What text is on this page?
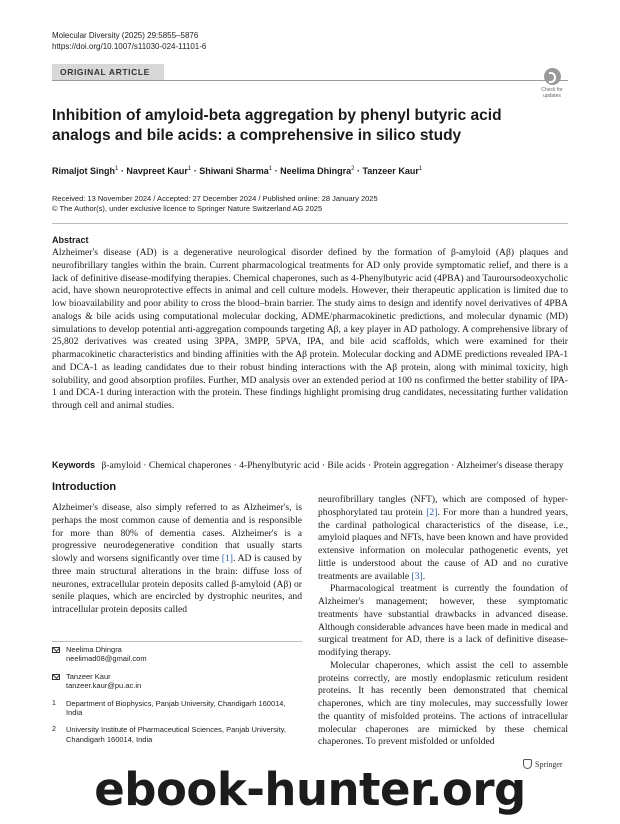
Molecular Diversity (2025) 29:5855–5876
https://doi.org/10.1007/s11030-024-11101-6
ORIGINAL ARTICLE
Check for
updates
Inhibition of amyloid-beta aggregation by phenyl butyric acid analogs and bile acids: a comprehensive in silico study
Rimaljot Singh$^1$ · Navpreet Kaur$^1$ · Shiwani Sharma$^1$ · Neelima Dhingra$^2$ · Tanzeer Kaur$^1$
Received: 13 November 2024 / Accepted: 27 December 2024 / Published online: 28 January 2025
© The Author(s), under exclusive licence to Springer Nature Switzerland AG 2025
Abstract

Alzheimer's disease (AD) is a degenerative neurological disorder defined by the formation of β-amyloid (Aβ) plaques and neurofibrillary tangles within the brain. Current pharmacological treatments for AD only provide symptomatic relief, and there is a lack of definitive disease-modifying therapies. Chemical chaperones, such as 4-Phenylbutyric acid (4PBA) and Tauroursodeoxycholic acid, have shown neuroprotective effects in animal and cell culture models. However, their therapeutic application is limited due to low bioavailability and poor ability to cross the blood–brain barrier. The study aims to design and identify novel derivatives of 4PBA analogs & bile acids using computational molecular docking, ADME/pharmacokinetic predictions, and molecular dynamic (MD) simulations to develop potential anti-aggregation compounds targeting Aβ, a key player in AD pathology. A comprehensive library of 25,802 derivatives was created using 3PPA, 3MPP, 5PVA, IPA, and bile acid scaffolds, which were examined for their pharmacokinetic characteristics and binding affinities with the Aβ protein. Molecular docking and ADME predictions revealed IPA-1 and DCA-1 as leading candidates due to their robust binding interactions with the Aβ protein, along with minimal toxicity, high solubility, and good absorption profiles. Further, MD analysis over an extended period at 100 ns confirmed the better stability of IPA-1 and DCA-1 during interaction with the protein. These findings highlight promising drug candidates, necessitating further validation through cell and animal studies.

Keywords β-amyloid · Chemical chaperones · 4-Phenylbutyric acid · Bile acids · Protein aggregation · Alzheimer's disease therapy

Introduction

Alzheimer's disease, also simply referred to as Alzheimer's, is perhaps the most common cause of dementia and is responsible for more than 80% of dementia cases. Alzheimer's is a progressive neurodegenerative condition that usually starts slowly and worsens significantly over time [1]. AD is caused by three main structural alterations in the brain: diffuse loss of neurones, extracellular protein deposits called β-amyloid (Aβ) or senile plaques, which are encircled by dystrophic neurites, and intracellular protein deposits called

neurofibrillary tangles (NFT), which are composed of hyper-phosphorylated tau protein [2]. For more than a hundred years, the cardinal pathological characteristics of the disease, i.e., amyloid plaques and NFTs, have been known and have provided extensive information on molecular pathogenetic events, yet little is understood about the cause of AD and no curative treatments are available [3].

Pharmacological treatment is currently the foundation of Alzheimer's management; however, these symptomatic treatments have substantial drawbacks in advanced disease. Although considerable advances have been made in medical and surgical treatment for AD, there is a lack of definitive disease-modifying therapy.

Molecular chaperones, which assist the cell to assemble proteins correctly, are mostly endoplasmic reticulum resident proteins. It has recently been demonstrated that chemical chaperones, which are tiny molecules, may successfully lower the quantity of misfolded proteins. The actions of intracellular molecular chaperones are mimicked by these chemical chaperones. To prevent misfolded or unfolded

Neelima Dhingra
neelimad08@gmail.com
Tanzeer Kaur
tanzeer.kaur@pu.ac.in
1 Department of Biophysics, Panjab University, Chandigarh 160014, India
2 University Institute of Pharmaceutical Sciences, Panjab University, Chandigarh 160014, India
Springer
ebook-hunter.org
